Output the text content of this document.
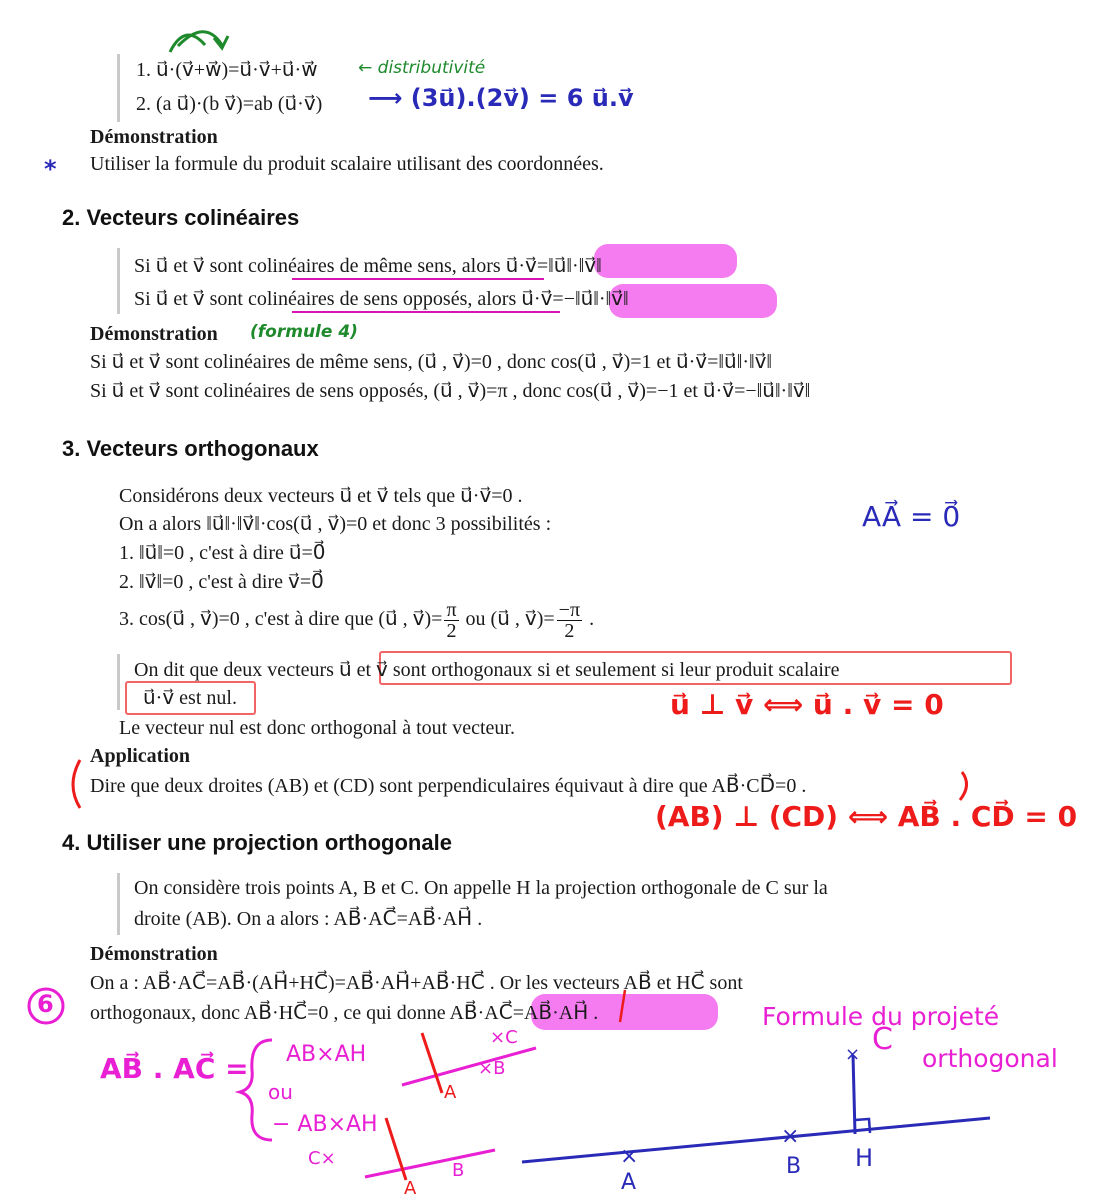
1. u⃗·(v⃗+w⃗)=u⃗·v⃗+u⃗·w⃗
2. (a u⃗)·(b v⃗)=ab (u⃗·v⃗)
Démonstration
Utiliser la formule du produit scalaire utilisant des coordonnées.
2. Vecteurs colinéaires
Si u⃗ et v⃗ sont colinéaires de même sens, alors u⃗·v⃗=‖u⃗‖·‖v⃗‖
Si u⃗ et v⃗ sont colinéaires de sens opposés, alors u⃗·v⃗=−‖u⃗‖·‖v⃗‖
Démonstration
Si u⃗ et v⃗ sont colinéaires de même sens, (u⃗ , v⃗)=0 , donc cos(u⃗ , v⃗)=1 et u⃗·v⃗=‖u⃗‖·‖v⃗‖
Si u⃗ et v⃗ sont colinéaires de sens opposés, (u⃗ , v⃗)=π , donc cos(u⃗ , v⃗)=−1 et u⃗·v⃗=−‖u⃗‖·‖v⃗‖
3. Vecteurs orthogonaux
Considérons deux vecteurs u⃗ et v⃗ tels que u⃗·v⃗=0 .
On a alors ‖u⃗‖·‖v⃗‖·cos(u⃗ , v⃗)=0 et donc 3 possibilités :
1. ‖u⃗‖=0 , c'est à dire u⃗=0⃗
2. ‖v⃗‖=0 , c'est à dire v⃗=0⃗
3. cos(u⃗ , v⃗)=0 , c'est à dire que (u⃗ , v⃗)= $\frac{\pi}{2}$ ou (u⃗ , v⃗)= $\frac{-\pi}{2}$ .
On dit que deux vecteurs u⃗ et v⃗ sont orthogonaux si et seulement si leur produit scalaire
u⃗·v⃗ est nul.
Le vecteur nul est donc orthogonal à tout vecteur.
Application
Dire que deux droites (AB) et (CD) sont perpendiculaires équivaut à dire que AB⃗·CD⃗=0 .
4. Utiliser une projection orthogonale
On considère trois points A, B et C. On appelle H la projection orthogonale de C sur la
droite (AB). On a alors : AB⃗·AC⃗=AB⃗·AH⃗ .
Démonstration
On a : AB⃗·AC⃗=AB⃗·(AH⃗+HC⃗)=AB⃗·AH⃗+AB⃗·HC⃗ . Or les vecteurs AB⃗ et HC⃗ sont
orthogonaux, donc AB⃗·HC⃗=0 , ce qui donne AB⃗·AC⃗=AB⃗·AH⃗ .
← distributivité
⟶ (3u⃗).(2v⃗) = 6 u⃗.v⃗
*
(formule 4)
AA⃗ = 0⃗
u⃗ ⊥ v⃗ ⟺ u⃗ . v⃗ = 0
(AB) ⊥ (CD) ⟺ AB⃗ . CD⃗ = 0
6	Formule du projeté
orthogonal
AB⃗ . AC⃗ = AB×AH
ou
− AB×AH
×C
A
×B
C×
A
B
C
×
×
×
A
B H
